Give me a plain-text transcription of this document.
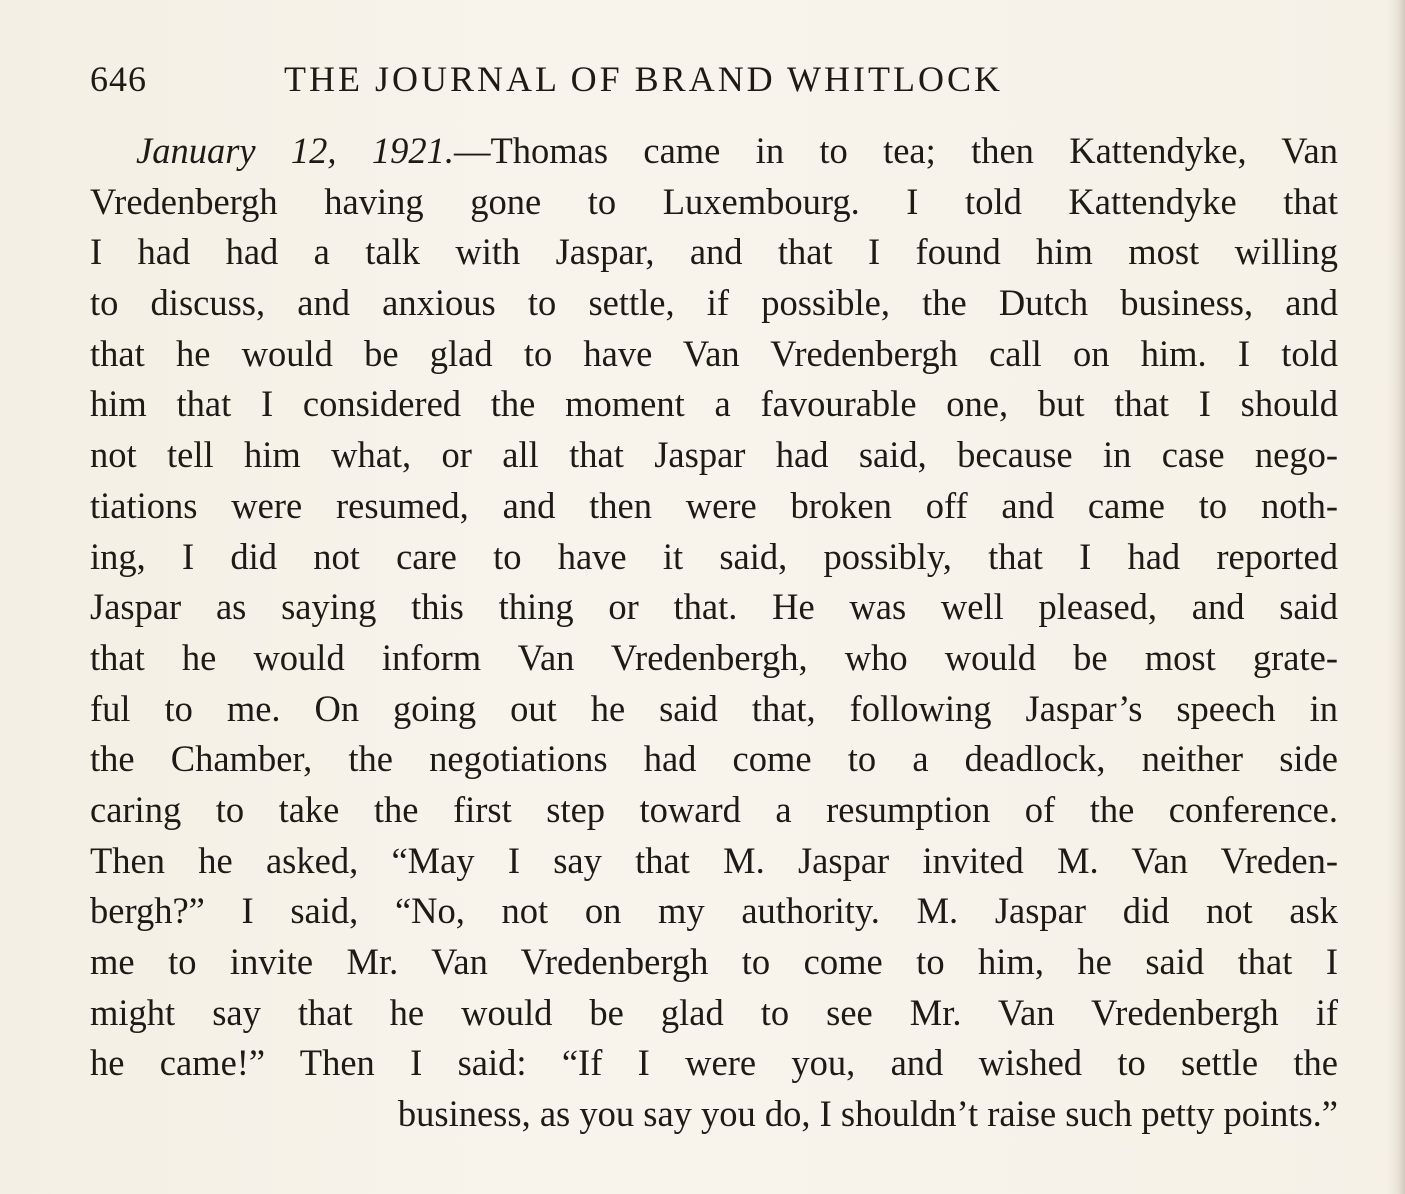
646	THE JOURNAL OF BRAND WHITLOCK
January 12, 1921.—Thomas came in to tea; then Kattendyke, Van
Vredenbergh having gone to Luxembourg. I told Kattendyke that
I had had a talk with Jaspar, and that I found him most willing
to discuss, and anxious to settle, if possible, the Dutch business, and
that he would be glad to have Van Vredenbergh call on him. I told
him that I considered the moment a favourable one, but that I should
not tell him what, or all that Jaspar had said, because in case nego-
tiations were resumed, and then were broken off and came to noth-
ing, I did not care to have it said, possibly, that I had reported
Jaspar as saying this thing or that. He was well pleased, and said
that he would inform Van Vredenbergh, who would be most grate-
ful to me. On going out he said that, following Jaspar’s speech in
the Chamber, the negotiations had come to a deadlock, neither side
caring to take the first step toward a resumption of the conference.
Then he asked, “May I say that M. Jaspar invited M. Van Vreden-
bergh?” I said, “No, not on my authority. M. Jaspar did not ask
me to invite Mr. Van Vredenbergh to come to him, he said that I
might say that he would be glad to see Mr. Van Vredenbergh if
he came!” Then I said: “If I were you, and wished to settle the
business, as you say you do, I shouldn’t raise such petty points.”
